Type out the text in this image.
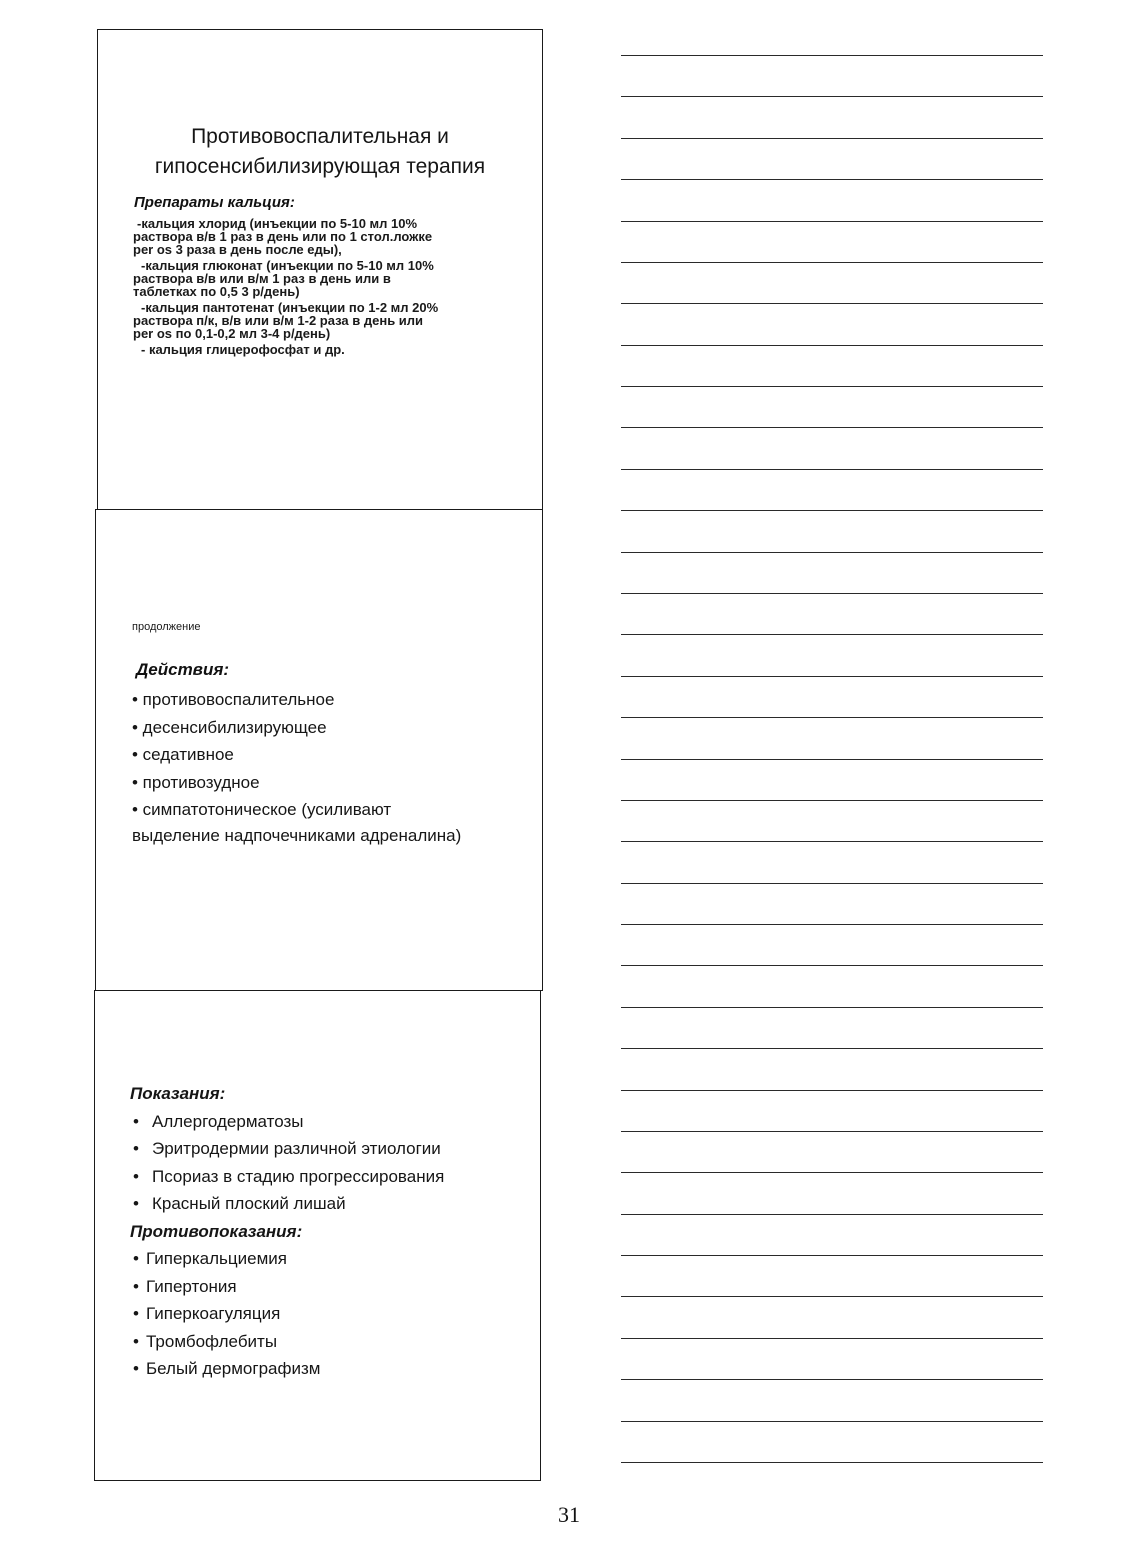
Противовоспалительная и
гипосенсибилизирующая терапия
Препараты кальция:
-кальция хлорид (инъекции по 5-10 мл 10%
раствора в/в 1 раз в день или по 1 стол.ложке
per os 3 раза в день после еды),
-кальция глюконат (инъекции по 5-10 мл 10%
раствора в/в или в/м 1 раз в день или в
таблетках по 0,5 3 р/день)
-кальция пантотенат (инъекции по 1-2 мл 20%
раствора п/к, в/в или в/м 1-2 раза в день или
per os по 0,1-0,2 мл 3-4 р/день)
- кальция глицерофосфат и др.
продолжение
Действия:
• противовоспалительное
• десенсибилизирующее
• седативное
• противозудное
• симпатотоническое (усиливают
выделение надпочечниками адреналина)
Показания:
• Аллергодерматозы
• Эритродермии различной этиологии
• Псориаз в стадию прогрессирования
• Красный плоский лишай
Противопоказания:
• Гиперкальциемия
• Гипертония
• Гиперкоагуляция
• Тромбофлебиты
• Белый дермографизм
31
